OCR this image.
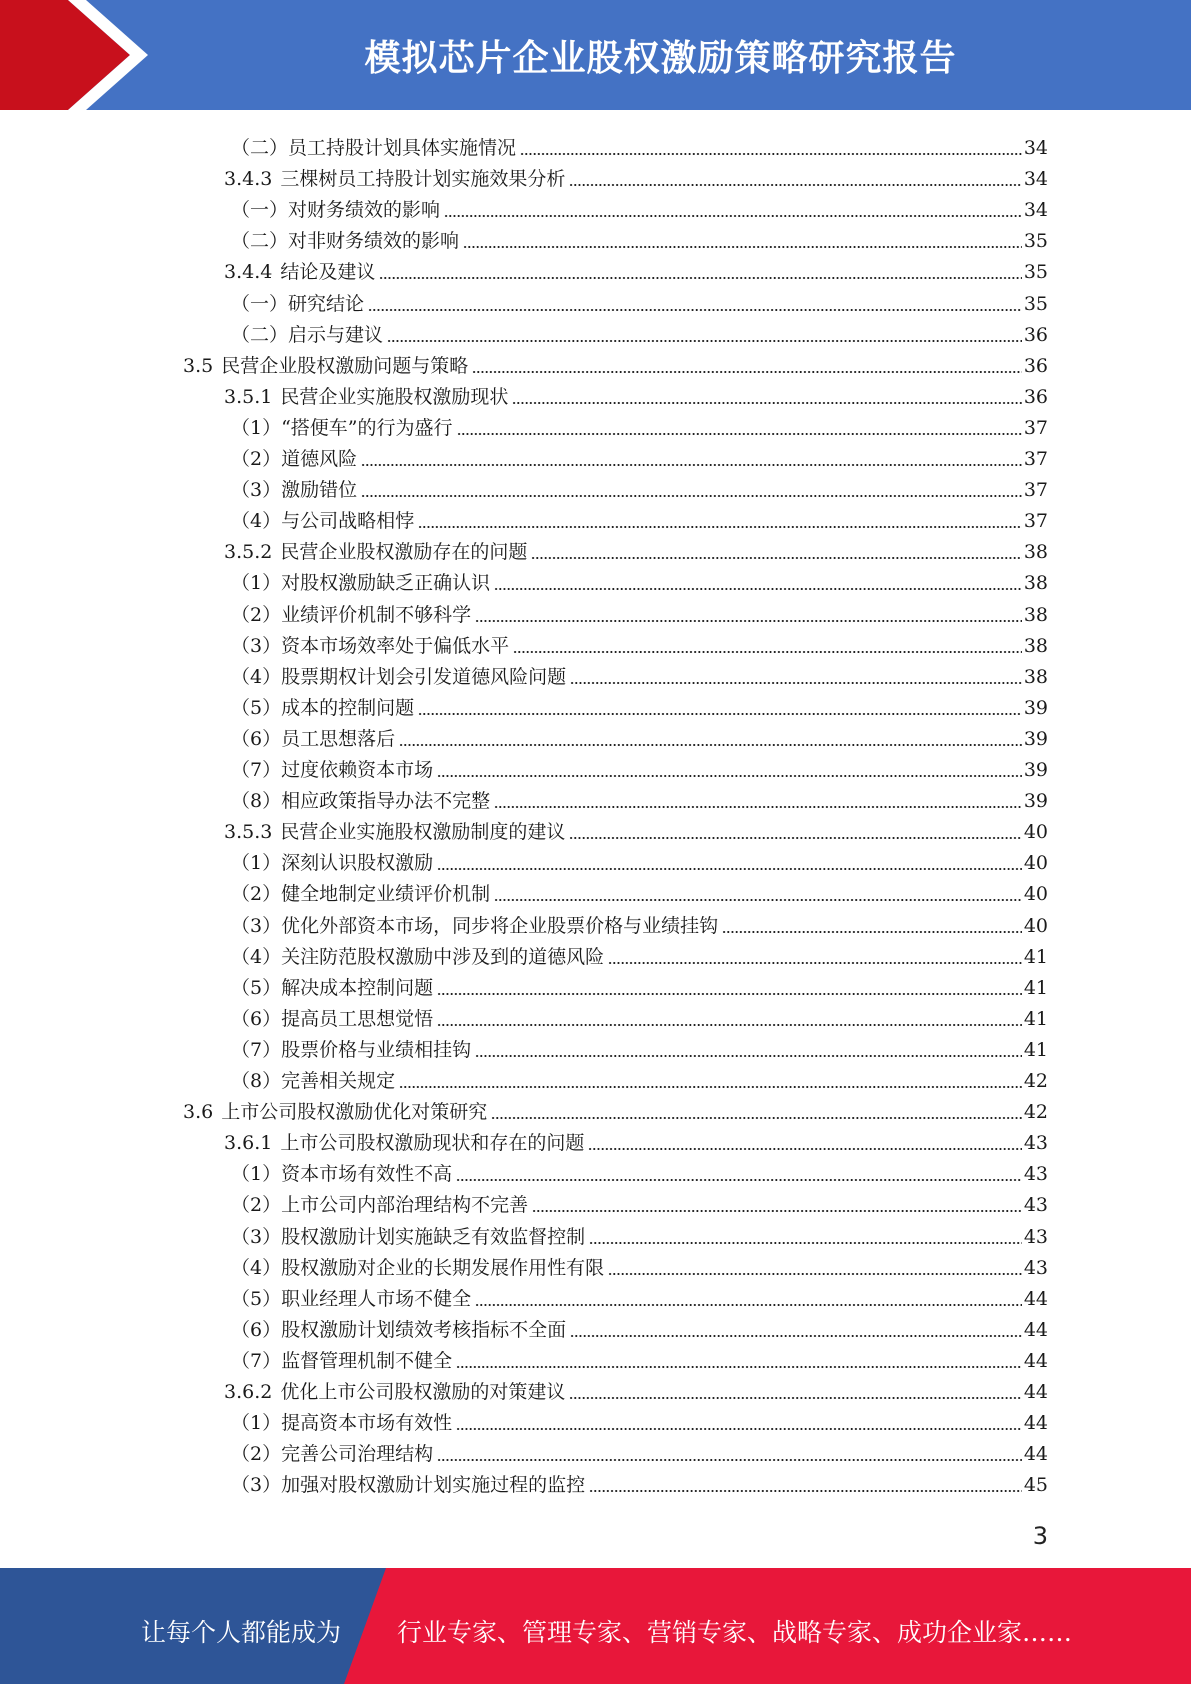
模拟芯片企业股权激励策略研究报告
（二）员工持股计划具体实施情况	34
3.4.3 三棵树员工持股计划实施效果分析	34
（一）对财务绩效的影响	34
（二）对非财务绩效的影响	35
3.4.4 结论及建议	35
（一）研究结论	35
（二）启示与建议	36
3.5 民营企业股权激励问题与策略	36
3.5.1 民营企业实施股权激励现状	36
（1）“搭便车”的行为盛行	37
（2）道德风险	37
（3）激励错位	37
（4）与公司战略相悖	37
3.5.2 民营企业股权激励存在的问题	38
（1）对股权激励缺乏正确认识	38
（2）业绩评价机制不够科学	38
（3）资本市场效率处于偏低水平	38
（4）股票期权计划会引发道德风险问题	38
（5）成本的控制问题	39
（6）员工思想落后	39
（7）过度依赖资本市场	39
（8）相应政策指导办法不完整	39
3.5.3 民营企业实施股权激励制度的建议	40
（1）深刻认识股权激励	40
（2）健全地制定业绩评价机制	40
（3）优化外部资本市场，同步将企业股票价格与业绩挂钩	40
（4）关注防范股权激励中涉及到的道德风险	41
（5）解决成本控制问题	41
（6）提高员工思想觉悟	41
（7）股票价格与业绩相挂钩	41
（8）完善相关规定	42
3.6 上市公司股权激励优化对策研究	42
3.6.1 上市公司股权激励现状和存在的问题	43
（1）资本市场有效性不高	43
（2）上市公司内部治理结构不完善	43
（3）股权激励计划实施缺乏有效监督控制	43
（4）股权激励对企业的长期发展作用性有限	43
（5）职业经理人市场不健全	44
（6）股权激励计划绩效考核指标不全面	44
（7）监督管理机制不健全	44
3.6.2 优化上市公司股权激励的对策建议	44
（1）提高资本市场有效性	44
（2）完善公司治理结构	44
（3）加强对股权激励计划实施过程的监控	45
3
让每个人都能成为 行业专家、管理专家、营销专家、战略专家、成功企业家……
